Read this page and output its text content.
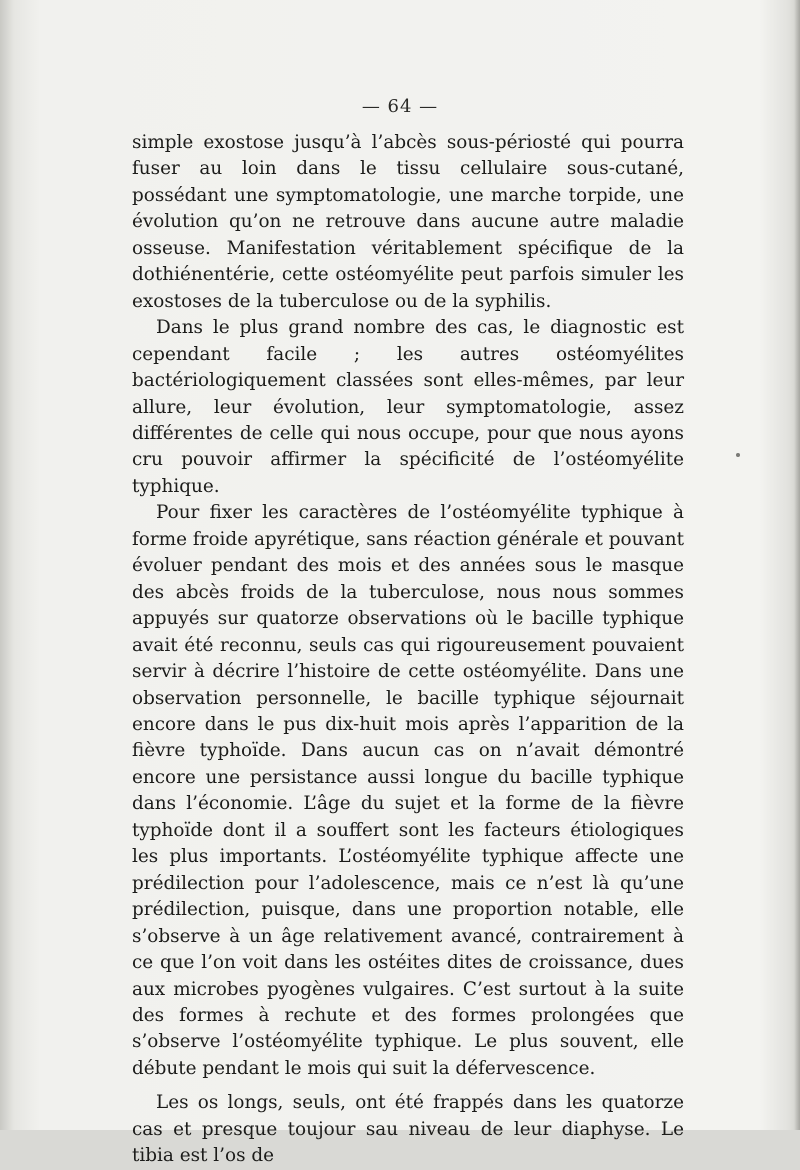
— 64 —

simple exostose jusqu’à l’abcès sous-périosté qui pourra fuser au loin dans le tissu cellulaire sous-cutané, possédant une symptomatologie, une marche torpide, une évolution qu’on ne retrouve dans aucune autre maladie osseuse. Manifestation véritablement spécifique de la dothiénentérie, cette ostéomyélite peut parfois simuler les exostoses de la tuberculose ou de la syphilis.

Dans le plus grand nombre des cas, le diagnostic est cependant facile ; les autres ostéomyélites bactériologiquement classées sont elles-mêmes, par leur allure, leur évolution, leur symptomatologie, assez différentes de celle qui nous occupe, pour que nous ayons cru pouvoir affirmer la spécificité de l’ostéomyélite typhique.

Pour fixer les caractères de l’ostéomyélite typhique à forme froide apyrétique, sans réaction générale et pouvant évoluer pendant des mois et des années sous le masque des abcès froids de la tuberculose, nous nous sommes appuyés sur quatorze observations où le bacille typhique avait été reconnu, seuls cas qui rigoureusement pouvaient servir à décrire l’histoire de cette ostéomyélite. Dans une observation personnelle, le bacille typhique séjournait encore dans le pus dix-huit mois après l’apparition de la fièvre typhoïde. Dans aucun cas on n’avait démontré encore une persistance aussi longue du bacille typhique dans l’économie. L’âge du sujet et la forme de la fièvre typhoïde dont il a souffert sont les facteurs étiologiques les plus importants. L’ostéomyélite typhique affecte une prédilection pour l’adolescence, mais ce n’est là qu’une prédilection, puisque, dans une proportion notable, elle s’observe à un âge relativement avancé, contrairement à ce que l’on voit dans les ostéites dites de croissance, dues aux microbes pyogènes vulgaires. C’est surtout à la suite des formes à rechute et des formes prolongées que s’observe l’ostéomyélite typhique. Le plus souvent, elle débute pendant le mois qui suit la défervescence.

Les os longs, seuls, ont été frappés dans les quatorze cas et presque toujour sau niveau de leur diaphyse. Le tibia est l’os de
